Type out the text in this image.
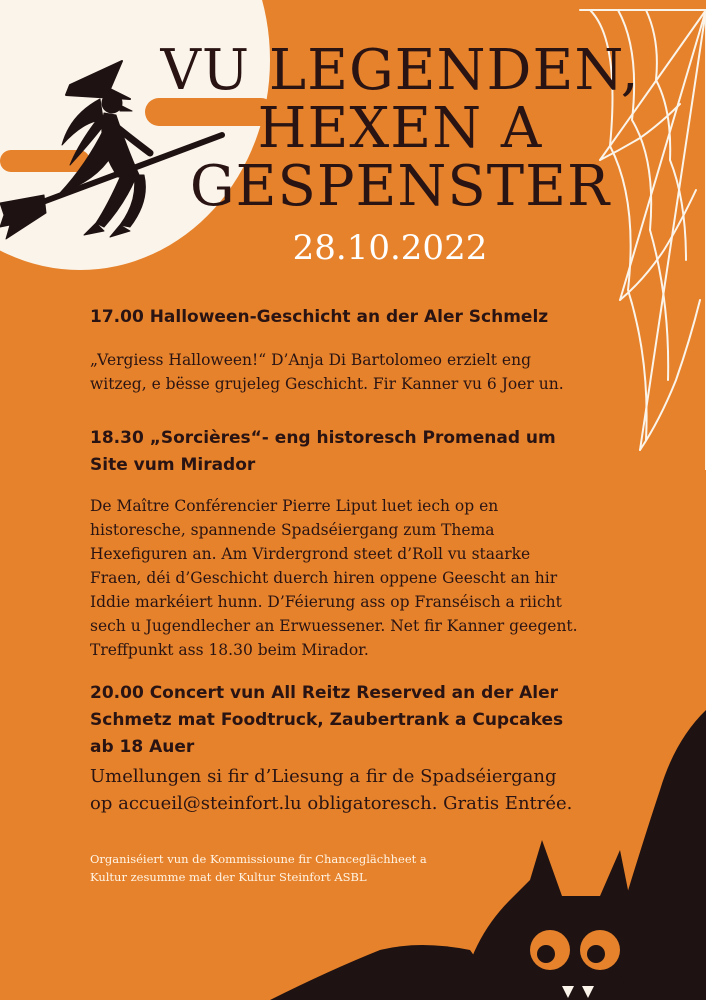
VU LEGENDEN,
HEXEN A
GESPENSTER
28.10.2022

17.00 Halloween-Geschicht an der Aler Schmelz

„Vergiess Halloween!“ D’Anja Di Bartolomeo erzielt eng

witzeg, e bësse grujeleg Geschicht. Fir Kanner vu 6 Joer un.

18.30 „Sorcières“- eng historesch Promenad um
Site vum Mirador

De Maître Conférencier Pierre Liput luet iech op en

historesche, spannende Spadséiergang zum Thema

Hexefiguren an. Am Virdergrond steet d’Roll vu staarke

Fraen, déi d’Geschicht duerch hiren oppene Geescht an hir

Iddie markéiert hunn. D’Féierung ass op Franséisch a riicht

sech u Jugendlecher an Erwuessener. Net fir Kanner geegent.

Treffpunkt ass 18.30 beim Mirador.

20.00 Concert vun All Reitz Reserved an der Aler
Schmetz mat Foodtruck, Zaubertrank a Cupcakes
ab 18 Auer

Umellungen si fir d’Liesung a fir de Spadséiergang

op accueil@steinfort.lu obligatoresch. Gratis Entrée.

Organiséiert vun de Kommissioune fir Chanceglächheet a
Kultur zesumme mat der Kultur Steinfort ASBL
